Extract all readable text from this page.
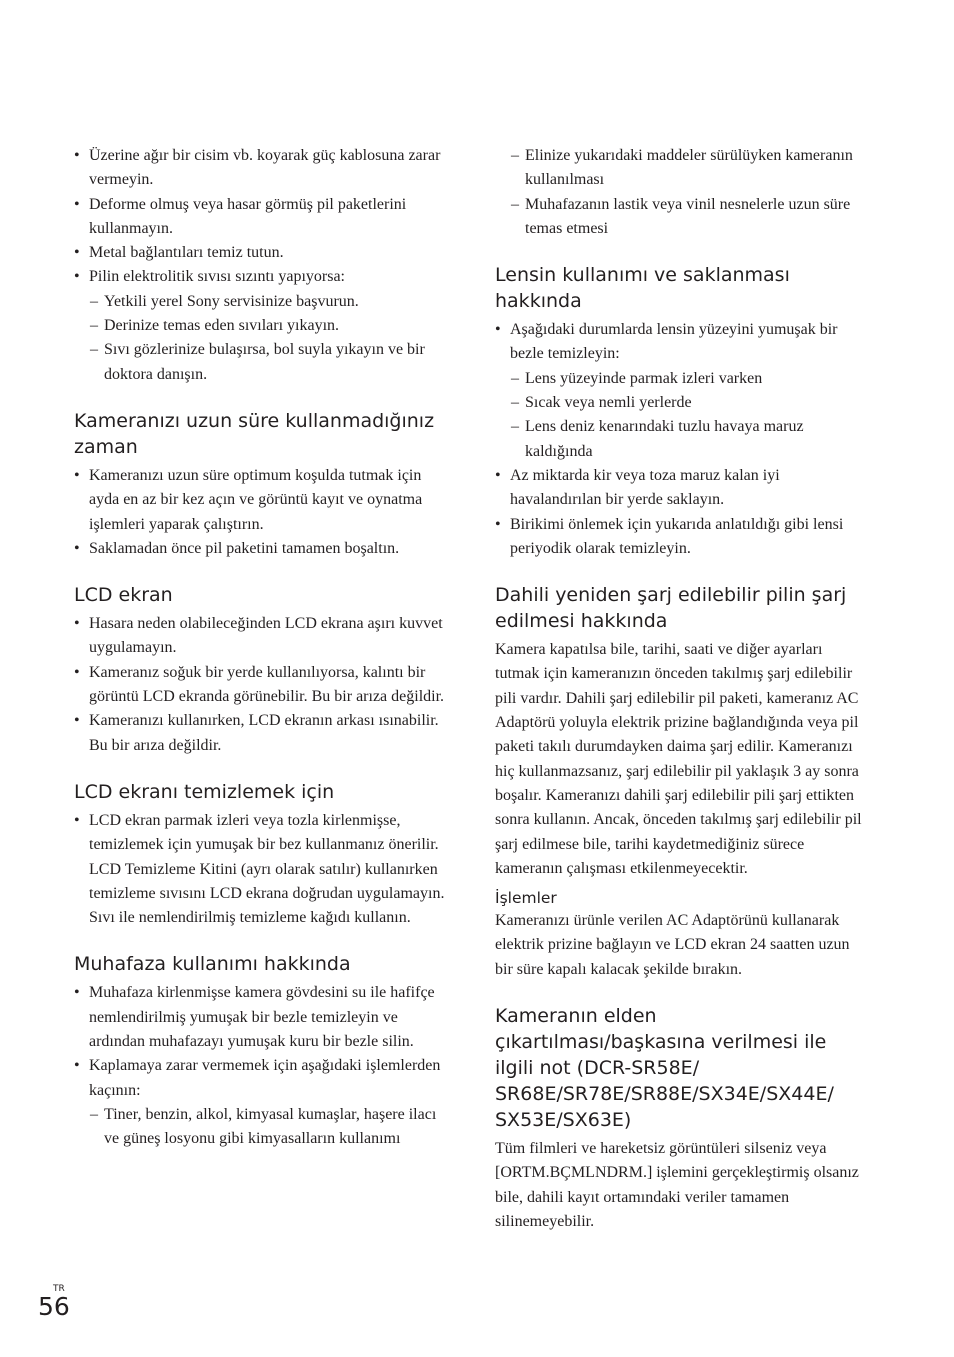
• Üzerine ağır bir cisim vb. koyarak güç kablosuna zarar vermeyin.
• Deforme olmuş veya hasar görmüş pil paketlerini kullanmayın.
• Metal bağlantıları temiz tutun.
• Pilin elektrolitik sıvısı sızıntı yapıyorsa:
– Yetkili yerel Sony servisinize başvurun.
– Derinize temas eden sıvıları yıkayın.
– Sıvı gözlerinize bulaşırsa, bol suyla yıkayın ve bir doktora danışın.
Kameranızı uzun süre kullanmadığınız zaman
• Kameranızı uzun süre optimum koşulda tutmak için ayda en az bir kez açın ve görüntü kayıt ve oynatma işlemleri yaparak çalıştırın.
• Saklamadan önce pil paketini tamamen boşaltın.
LCD ekran
• Hasara neden olabileceğinden LCD ekrana aşırı kuvvet uygulamayın.
• Kameranız soğuk bir yerde kullanılıyorsa, kalıntı bir görüntü LCD ekranda görünebilir. Bu bir arıza değildir.
• Kameranızı kullanırken, LCD ekranın arkası ısınabilir. Bu bir arıza değildir.
LCD ekranı temizlemek için
• LCD ekran parmak izleri veya tozla kirlenmişse, temizlemek için yumuşak bir bez kullanmanız önerilir. LCD Temizleme Kitini (ayrı olarak satılır) kullanırken temizleme sıvısını LCD ekrana doğrudan uygulamayın. Sıvı ile nemlendirilmiş temizleme kağıdı kullanın.
Muhafaza kullanımı hakkında
• Muhafaza kirlenmişse kamera gövdesini su ile hafifçe nemlendirilmiş yumuşak bir bezle temizleyin ve ardından muhafazayı yumuşak kuru bir bezle silin.
• Kaplamaya zarar vermemek için aşağıdaki işlemlerden kaçının:
– Tiner, benzin, alkol, kimyasal kumaşlar, haşere ilacı ve güneş losyonu gibi kimyasalların kullanımı
– Elinize yukarıdaki maddeler sürülüyken kameranın kullanılması
– Muhafazanın lastik veya vinil nesnelerle uzun süre temas etmesi
Lensin kullanımı ve saklanması hakkında
• Aşağıdaki durumlarda lensin yüzeyini yumuşak bir bezle temizleyin:
– Lens yüzeyinde parmak izleri varken
– Sıcak veya nemli yerlerde
– Lens deniz kenarındaki tuzlu havaya maruz kaldığında
• Az miktarda kir veya toza maruz kalan iyi havalandırılan bir yerde saklayın.
• Birikimi önlemek için yukarıda anlatıldığı gibi lensi periyodik olarak temizleyin.
Dahili yeniden şarj edilebilir pilin şarj edilmesi hakkında

Kamera kapatılsa bile, tarihi, saati ve diğer ayarları tutmak için kameranızın önceden takılmış şarj edilebilir pili vardır. Dahili şarj edilebilir pil paketi, kameranız AC Adaptörü yoluyla elektrik prizine bağlandığında veya pil paketi takılı durumdayken daima şarj edilir. Kameranızı hiç kullanmazsanız, şarj edilebilir pil yaklaşık 3 ay sonra boşalır. Kameranızı dahili şarj edilebilir pili şarj ettikten sonra kullanın. Ancak, önceden takılmış şarj edilebilir pil şarj edilmese bile, tarihi kaydetmediğiniz sürece kameranın çalışması etkilenmeyecektir.

İşlemler

Kameranızı ürünle verilen AC Adaptörünü kullanarak elektrik prizine bağlayın ve LCD ekran 24 saatten uzun bir süre kapalı kalacak şekilde bırakın.

Kameranın elden çıkartılması/başkasına verilmesi ile ilgili not (DCR-SR58E/ SR68E/SR78E/SR88E/SX34E/SX44E/ SX53E/SX63E)

Tüm filmleri ve hareketsiz görüntüleri silseniz veya [ORTM.BÇMLNDRM.] işlemini gerçekleştirmiş olsanız bile, dahili kayıt ortamındaki veriler tamamen silinemeyebilir.

TR
56
